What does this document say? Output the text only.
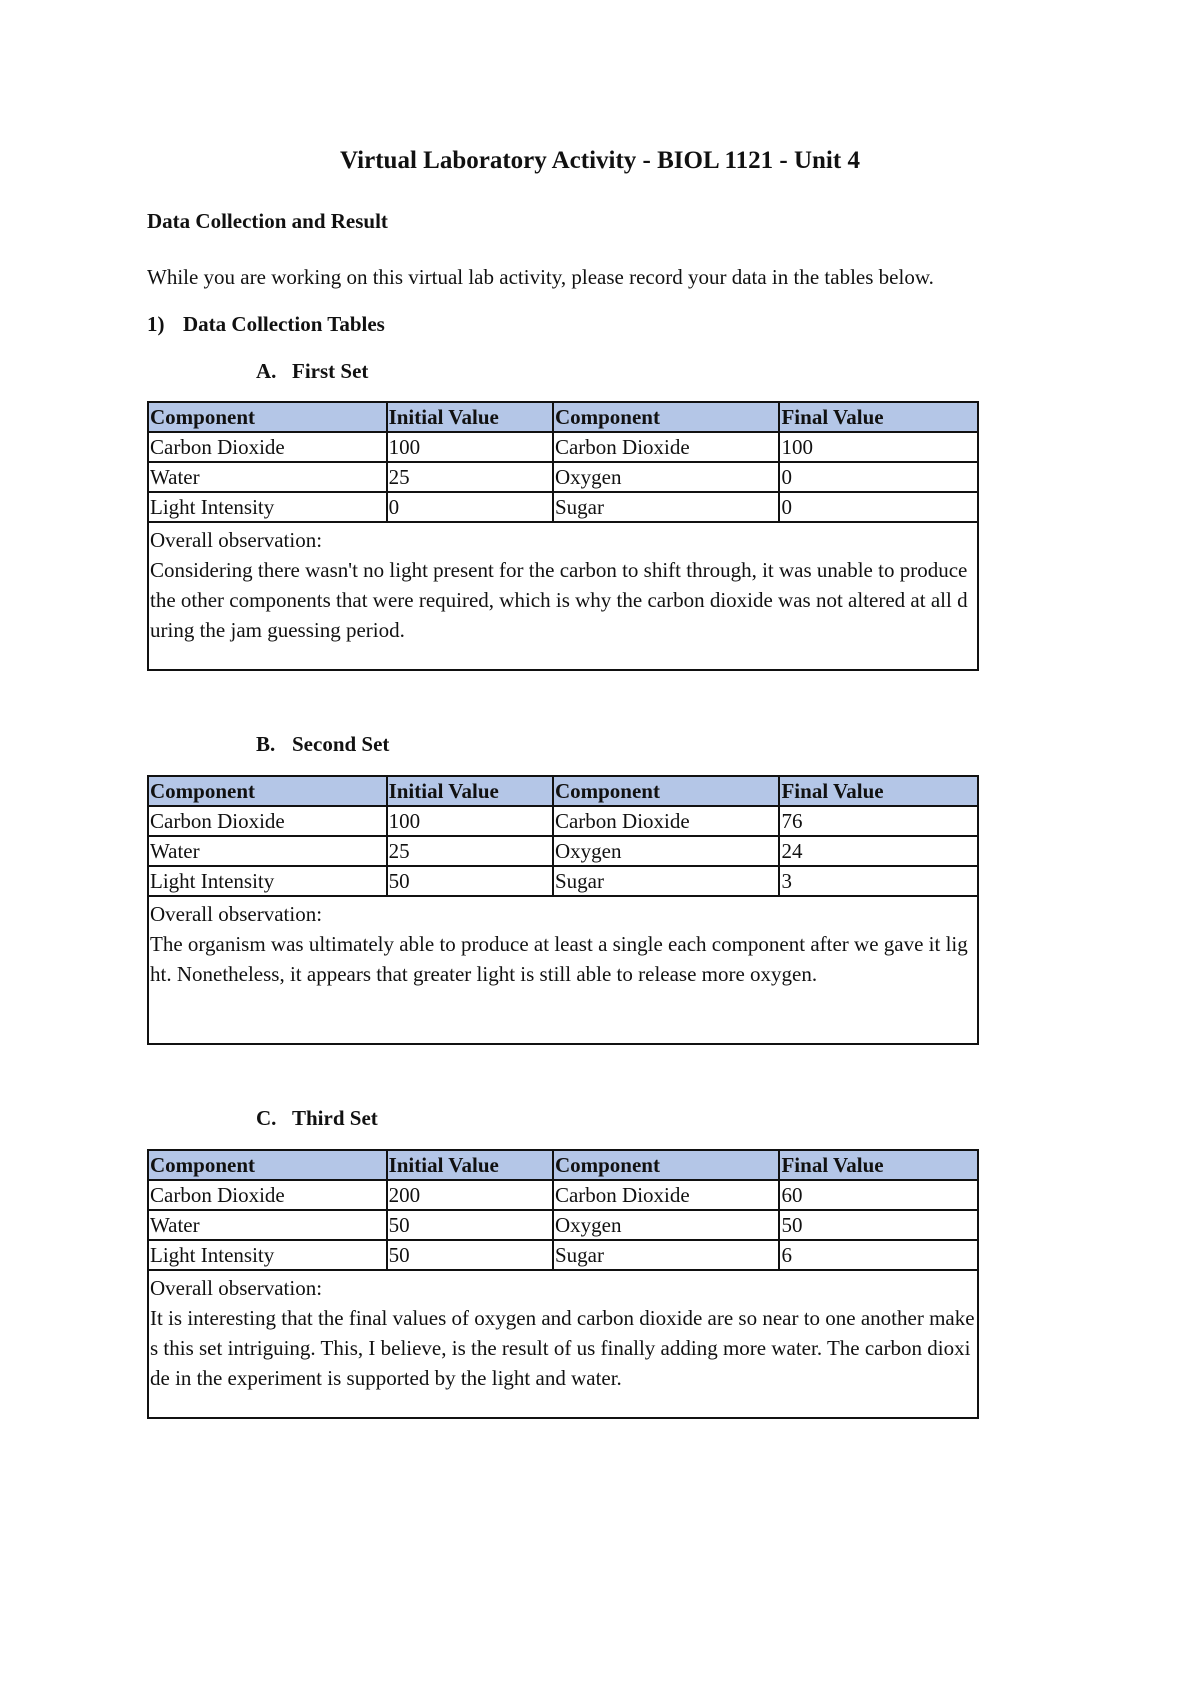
Virtual Laboratory Activity - BIOL 1121 - Unit 4
Data Collection and Result
While you are working on this virtual lab activity, please record your data in the tables below.
1) Data Collection Tables
A. First Set
Component	Initial Value	Component	Final Value
Carbon Dioxide	100	Carbon Dioxide	100
Water	25	Oxygen	0
Light Intensity	0	Sugar	0

Overall observation:
Considering there wasn't no light present for the carbon to shift through, it was unable to produce the other components that were required, which is why the carbon dioxide was not altered at all during the jam guessing period.			
B. Second Set
Component	Initial Value	Component	Final Value
Carbon Dioxide	100	Carbon Dioxide	76
Water	25	Oxygen	24
Light Intensity	50	Sugar	3

Overall observation:
The organism was ultimately able to produce at least a single each component after we gave it light. Nonetheless, it appears that greater light is still able to release more oxygen.			
C. Third Set
Component	Initial Value	Component	Final Value
Carbon Dioxide	200	Carbon Dioxide	60
Water	50	Oxygen	50
Light Intensity	50	Sugar	6

Overall observation:
It is interesting that the final values of oxygen and carbon dioxide are so near to one another makes this set intriguing. This, I believe, is the result of us finally adding more water. The carbon dioxide in the experiment is supported by the light and water.			
